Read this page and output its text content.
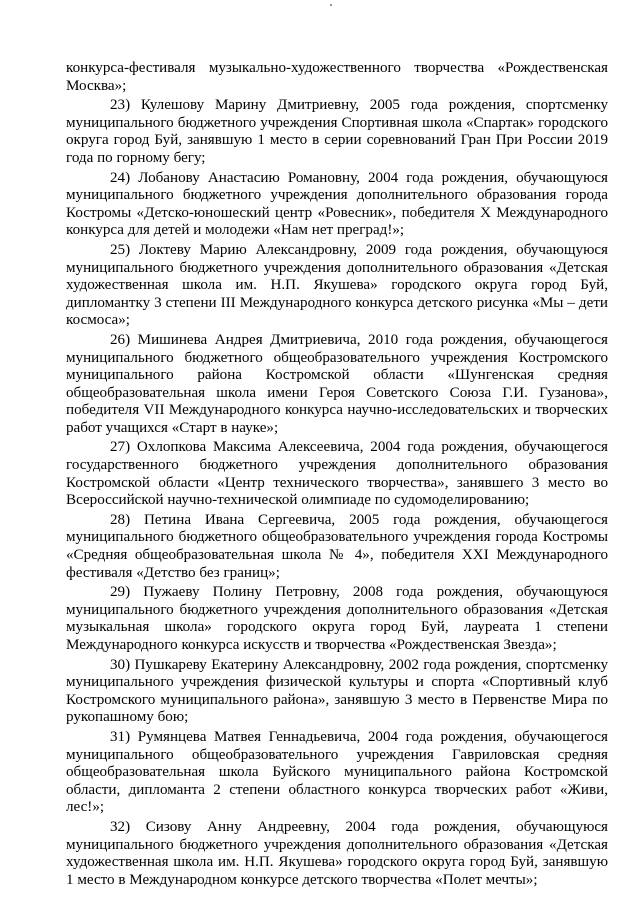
конкурса-фестиваля музыкально-художественного творчества «Рождественская Москва»;

23) Кулешову Марину Дмитриевну, 2005 года рождения, спортсменку муниципального бюджетного учреждения Спортивная школа «Спартак» городского округа город Буй, занявшую 1 место в серии соревнований Гран При России 2019 года по горному бегу;

24) Лобанову Анастасию Романовну, 2004 года рождения, обучающуюся муниципального бюджетного учреждения дополнительного образования города Костромы «Детско-юношеский центр «Ровесник», победителя X Международного конкурса для детей и молодежи «Нам нет преград!»;

25) Локтеву Марию Александровну, 2009 года рождения, обучающуюся муниципального бюджетного учреждения дополнительного образования «Детская художественная школа им. Н.П. Якушева» городского округа город Буй, дипломантку 3 степени III Международного конкурса детского рисунка «Мы – дети космоса»;

26) Мишинева Андрея Дмитриевича, 2010 года рождения, обучающегося муниципального бюджетного общеобразовательного учреждения Костромского муниципального района Костромской области «Шунгенская средняя общеобразовательная школа имени Героя Советского Союза Г.И. Гузанова», победителя VII Международного конкурса научно-исследовательских и творческих работ учащихся «Старт в науке»;

27) Охлопкова Максима Алексеевича, 2004 года рождения, обучающегося государственного бюджетного учреждения дополнительного образования Костромской области «Центр технического творчества», занявшего 3 место во Всероссийской научно-технической олимпиаде по судомоделированию;

28) Петина Ивана Сергеевича, 2005 года рождения, обучающегося муниципального бюджетного общеобразовательного учреждения города Костромы «Средняя общеобразовательная школа № 4», победителя XXI Международного фестиваля «Детство без границ»;

29) Пужаеву Полину Петровну, 2008 года рождения, обучающуюся муниципального бюджетного учреждения дополнительного образования «Детская музыкальная школа» городского округа город Буй, лауреата 1 степени Международного конкурса искусств и творчества «Рождественская Звезда»;

30) Пушкареву Екатерину Александровну, 2002 года рождения, спортсменку муниципального учреждения физической культуры и спорта «Спортивный клуб Костромского муниципального района», занявшую 3 место в Первенстве Мира по рукопашному бою;

31) Румянцева Матвея Геннадьевича, 2004 года рождения, обучающегося муниципального общеобразовательного учреждения Гавриловская средняя общеобразовательная школа Буйского муниципального района Костромской области, дипломанта 2 степени областного конкурса творческих работ «Живи, лес!»;

32) Сизову Анну Андреевну, 2004 года рождения, обучающуюся муниципального бюджетного учреждения дополнительного образования «Детская художественная школа им. Н.П. Якушева» городского округа город Буй, занявшую 1 место в Международном конкурсе детского творчества «Полет мечты»;
